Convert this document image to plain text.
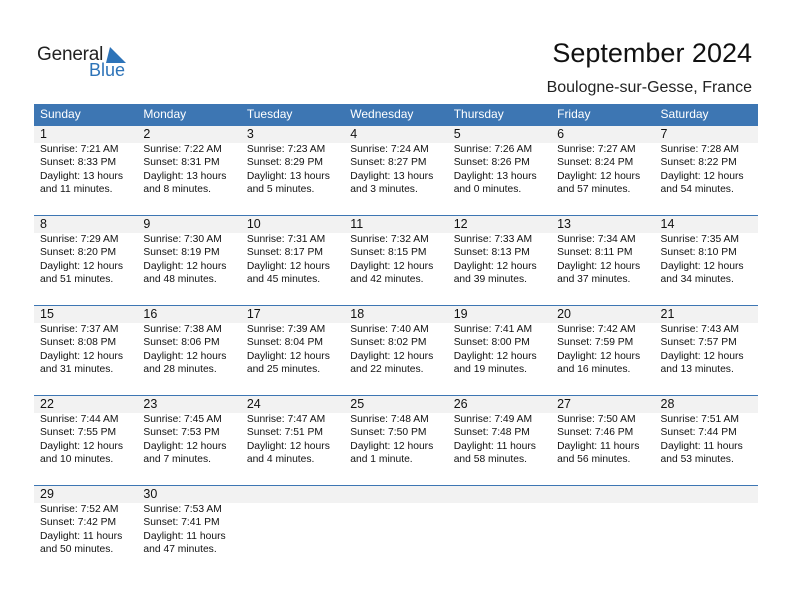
General
Blue
September 2024
Boulogne-sur-Gesse, France
Sunday	Monday	Tuesday	Wednesday	Thursday	Friday	Saturday
1	2	3	4	5	6	7
Sunrise: 7:21 AM
Sunset: 8:33 PM
Daylight: 13 hours
and 11 minutes.
Sunrise: 7:22 AM
Sunset: 8:31 PM
Daylight: 13 hours
and 8 minutes.
Sunrise: 7:23 AM
Sunset: 8:29 PM
Daylight: 13 hours
and 5 minutes.
Sunrise: 7:24 AM
Sunset: 8:27 PM
Daylight: 13 hours
and 3 minutes.
Sunrise: 7:26 AM
Sunset: 8:26 PM
Daylight: 13 hours
and 0 minutes.
Sunrise: 7:27 AM
Sunset: 8:24 PM
Daylight: 12 hours
and 57 minutes.
Sunrise: 7:28 AM
Sunset: 8:22 PM
Daylight: 12 hours
and 54 minutes.
8	9	10	11	12	13	14
Sunrise: 7:29 AM
Sunset: 8:20 PM
Daylight: 12 hours
and 51 minutes.
Sunrise: 7:30 AM
Sunset: 8:19 PM
Daylight: 12 hours
and 48 minutes.
Sunrise: 7:31 AM
Sunset: 8:17 PM
Daylight: 12 hours
and 45 minutes.
Sunrise: 7:32 AM
Sunset: 8:15 PM
Daylight: 12 hours
and 42 minutes.
Sunrise: 7:33 AM
Sunset: 8:13 PM
Daylight: 12 hours
and 39 minutes.
Sunrise: 7:34 AM
Sunset: 8:11 PM
Daylight: 12 hours
and 37 minutes.
Sunrise: 7:35 AM
Sunset: 8:10 PM
Daylight: 12 hours
and 34 minutes.
15	16	17	18	19	20	21
Sunrise: 7:37 AM
Sunset: 8:08 PM
Daylight: 12 hours
and 31 minutes.
Sunrise: 7:38 AM
Sunset: 8:06 PM
Daylight: 12 hours
and 28 minutes.
Sunrise: 7:39 AM
Sunset: 8:04 PM
Daylight: 12 hours
and 25 minutes.
Sunrise: 7:40 AM
Sunset: 8:02 PM
Daylight: 12 hours
and 22 minutes.
Sunrise: 7:41 AM
Sunset: 8:00 PM
Daylight: 12 hours
and 19 minutes.
Sunrise: 7:42 AM
Sunset: 7:59 PM
Daylight: 12 hours
and 16 minutes.
Sunrise: 7:43 AM
Sunset: 7:57 PM
Daylight: 12 hours
and 13 minutes.
22	23	24	25	26	27	28
Sunrise: 7:44 AM
Sunset: 7:55 PM
Daylight: 12 hours
and 10 minutes.
Sunrise: 7:45 AM
Sunset: 7:53 PM
Daylight: 12 hours
and 7 minutes.
Sunrise: 7:47 AM
Sunset: 7:51 PM
Daylight: 12 hours
and 4 minutes.
Sunrise: 7:48 AM
Sunset: 7:50 PM
Daylight: 12 hours
and 1 minute.
Sunrise: 7:49 AM
Sunset: 7:48 PM
Daylight: 11 hours
and 58 minutes.
Sunrise: 7:50 AM
Sunset: 7:46 PM
Daylight: 11 hours
and 56 minutes.
Sunrise: 7:51 AM
Sunset: 7:44 PM
Daylight: 11 hours
and 53 minutes.
29	30
Sunrise: 7:52 AM
Sunset: 7:42 PM
Daylight: 11 hours
and 50 minutes.
Sunrise: 7:53 AM
Sunset: 7:41 PM
Daylight: 11 hours
and 47 minutes.
